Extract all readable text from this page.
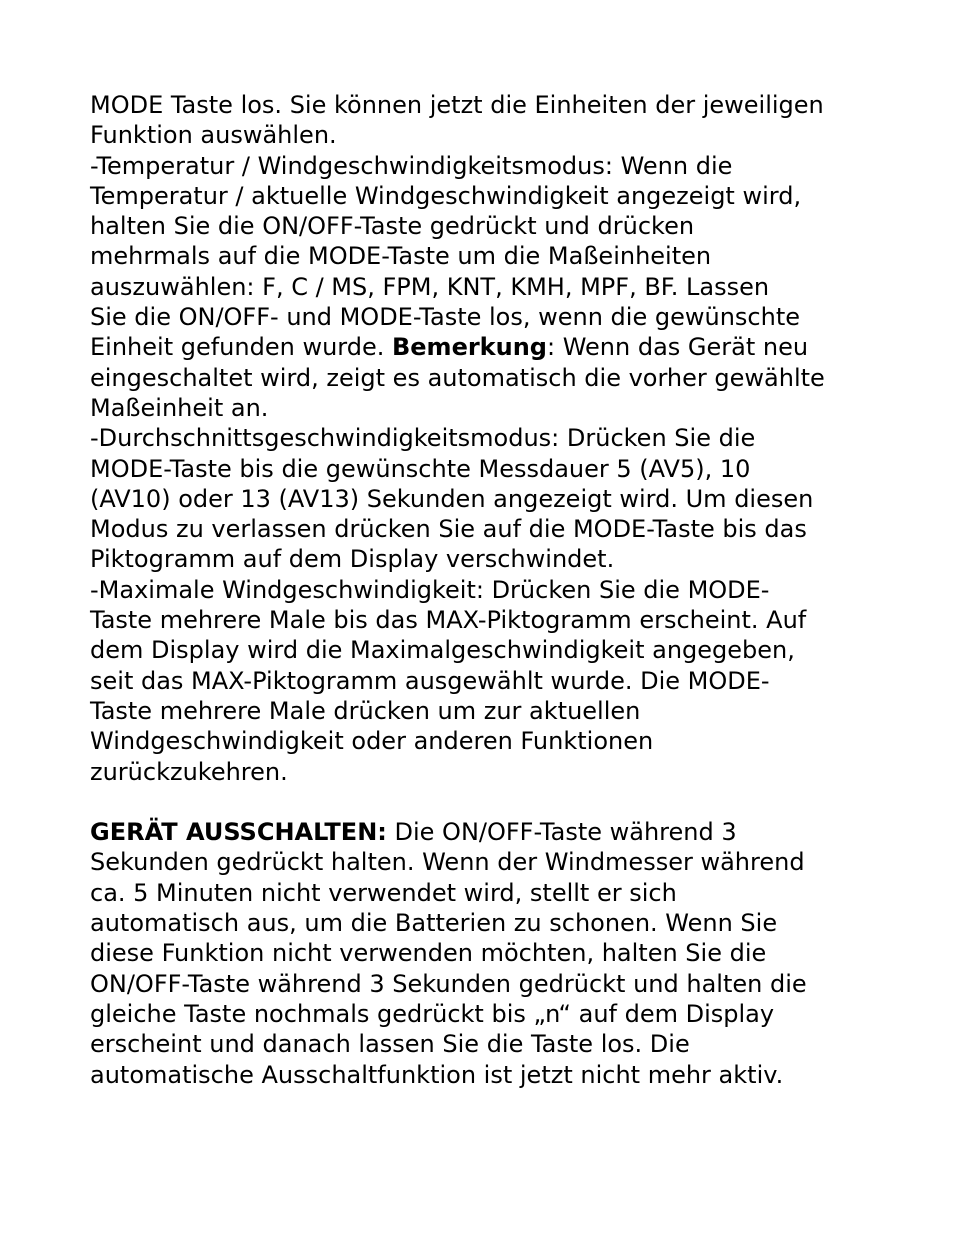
MODE Taste los. Sie können jetzt die Einheiten der jeweiligen
Funktion auswählen.
-Temperatur / Windgeschwindigkeitsmodus: Wenn die
Temperatur / aktuelle Windgeschwindigkeit angezeigt wird,
halten Sie die ON/OFF-Taste gedrückt und drücken
mehrmals auf die MODE-Taste um die Maßeinheiten
auszuwählen: F, C / MS, FPM, KNT, KMH, MPF, BF. Lassen
Sie die ON/OFF- und MODE-Taste los, wenn die gewünschte
Einheit gefunden wurde. Bemerkung: Wenn das Gerät neu
eingeschaltet wird, zeigt es automatisch die vorher gewählte
Maßeinheit an.
-Durchschnittsgeschwindigkeitsmodus: Drücken Sie die
MODE-Taste bis die gewünschte Messdauer 5 (AV5), 10
(AV10) oder 13 (AV13) Sekunden angezeigt wird. Um diesen
Modus zu verlassen drücken Sie auf die MODE-Taste bis das
Piktogramm auf dem Display verschwindet.
-Maximale Windgeschwindigkeit: Drücken Sie die MODE-
Taste mehrere Male bis das MAX-Piktogramm erscheint. Auf
dem Display wird die Maximalgeschwindigkeit angegeben,
seit das MAX-Piktogramm ausgewählt wurde. Die MODE-
Taste mehrere Male drücken um zur aktuellen
Windgeschwindigkeit oder anderen Funktionen
zurückzukehren.
GERÄT AUSSCHALTEN: Die ON/OFF-Taste während 3
Sekunden gedrückt halten. Wenn der Windmesser während
ca. 5 Minuten nicht verwendet wird, stellt er sich
automatisch aus, um die Batterien zu schonen. Wenn Sie
diese Funktion nicht verwenden möchten, halten Sie die
ON/OFF-Taste während 3 Sekunden gedrückt und halten die
gleiche Taste nochmals gedrückt bis „n“ auf dem Display
erscheint und danach lassen Sie die Taste los. Die
automatische Ausschaltfunktion ist jetzt nicht mehr aktiv.
